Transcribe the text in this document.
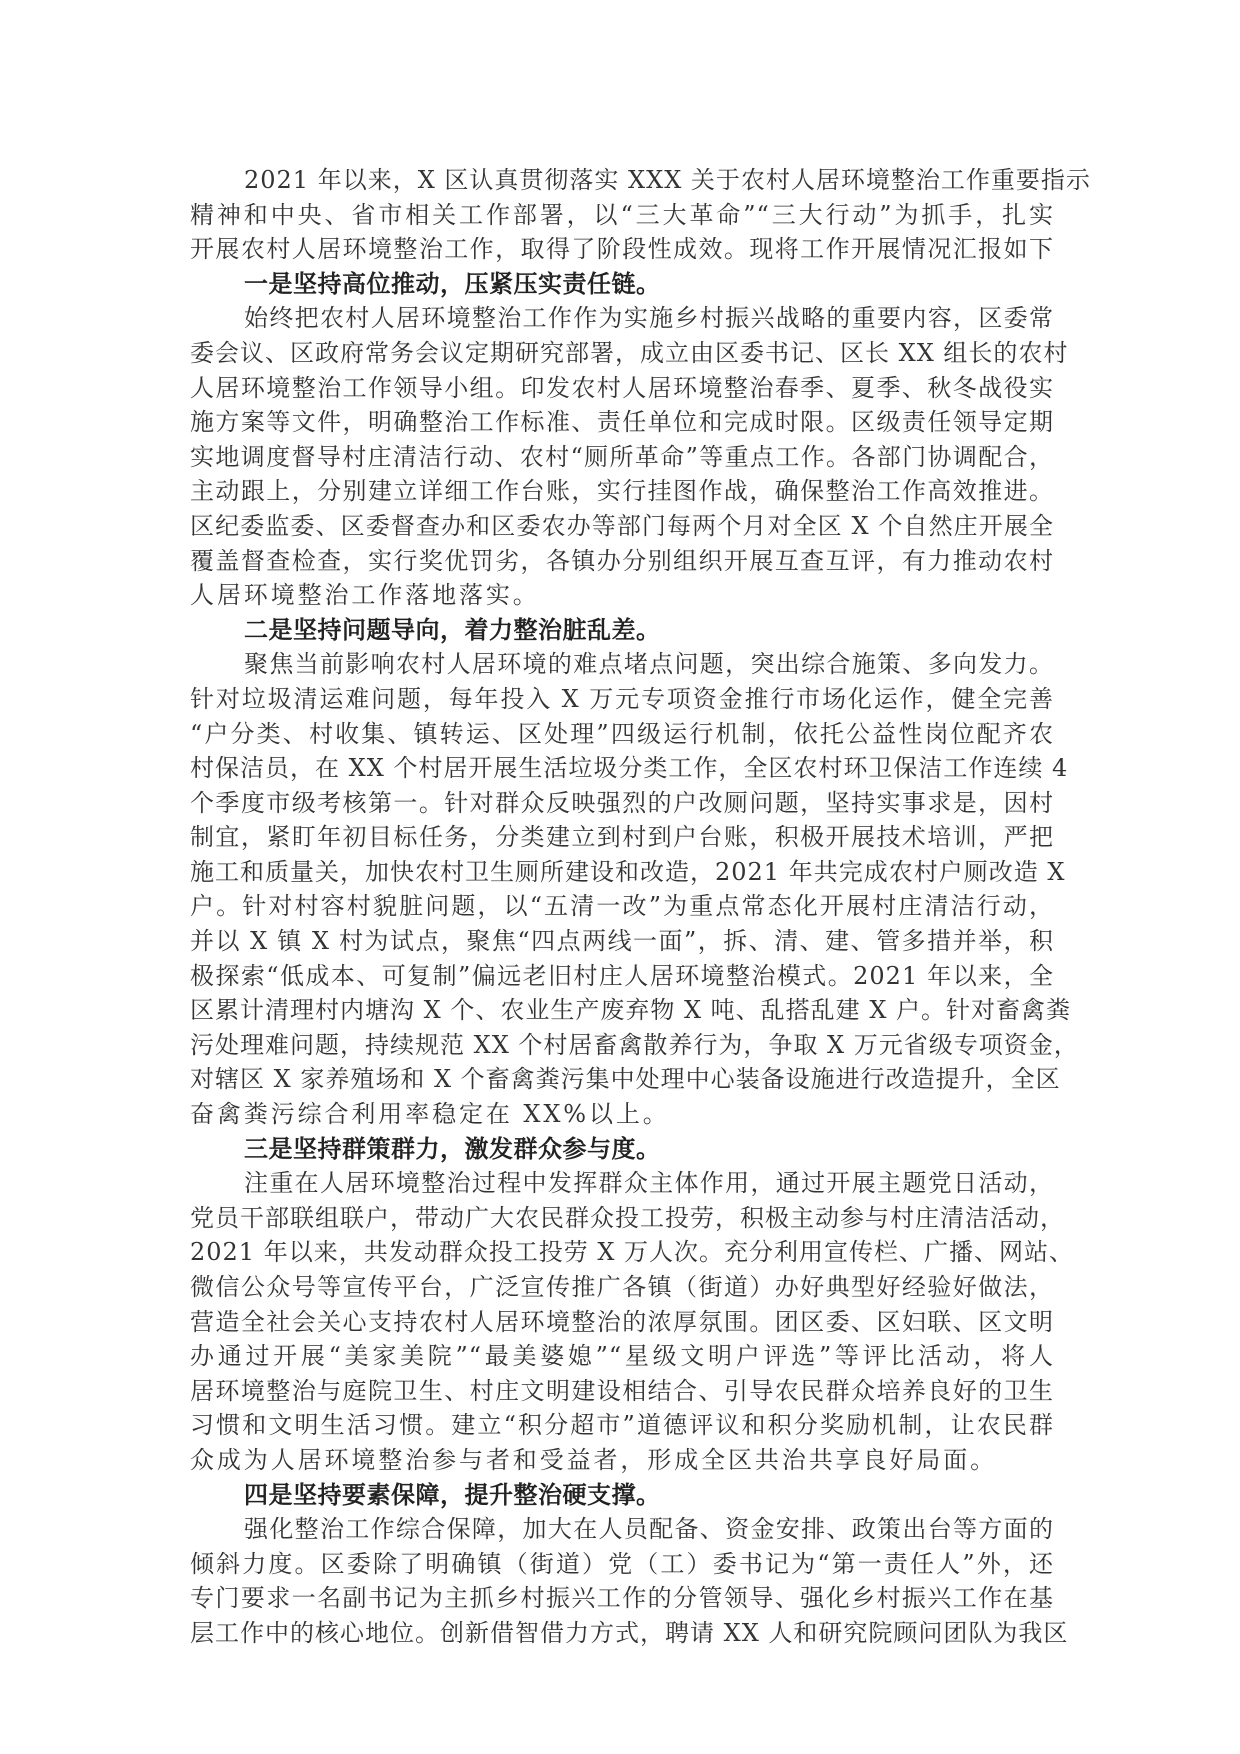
2021 年以来，X 区认真贯彻落实 XXX 关于农村人居环境整治工作重要指示
精神和中央、省市相关工作部署，以“三大革命”“三大行动”为抓手，扎实
开展农村人居环境整治工作，取得了阶段性成效。现将工作开展情况汇报如下
一是坚持高位推动，压紧压实责任链。
始终把农村人居环境整治工作作为实施乡村振兴战略的重要内容，区委常
委会议、区政府常务会议定期研究部署，成立由区委书记、区长 XX 组长的农村
人居环境整治工作领导小组。印发农村人居环境整治春季、夏季、秋冬战役实
施方案等文件，明确整治工作标准、责任单位和完成时限。区级责任领导定期
实地调度督导村庄清洁行动、农村“厕所革命”等重点工作。各部门协调配合，
主动跟上，分别建立详细工作台账，实行挂图作战，确保整治工作高效推进。
区纪委监委、区委督查办和区委农办等部门每两个月对全区 X 个自然庄开展全
覆盖督查检查，实行奖优罚劣，各镇办分别组织开展互查互评，有力推动农村
人居环境整治工作落地落实。
二是坚持问题导向，着力整治脏乱差。
聚焦当前影响农村人居环境的难点堵点问题，突出综合施策、多向发力。
针对垃圾清运难问题，每年投入 X 万元专项资金推行市场化运作，健全完善
“户分类、村收集、镇转运、区处理”四级运行机制，依托公益性岗位配齐农
村保洁员，在 XX 个村居开展生活垃圾分类工作，全区农村环卫保洁工作连续 4
个季度市级考核第一。针对群众反映强烈的户改厕问题，坚持实事求是，因村
制宜，紧盯年初目标任务，分类建立到村到户台账，积极开展技术培训，严把
施工和质量关，加快农村卫生厕所建设和改造，2021 年共完成农村户厕改造 X
户。针对村容村貌脏问题，以“五清一改”为重点常态化开展村庄清洁行动，
并以 X 镇 X 村为试点，聚焦“四点两线一面”，拆、清、建、管多措并举，积
极探索“低成本、可复制”偏远老旧村庄人居环境整治模式。2021 年以来，全
区累计清理村内塘沟 X 个、农业生产废弃物 X 吨、乱搭乱建 X 户。针对畜禽粪
污处理难问题，持续规范 XX 个村居畜禽散养行为，争取 X 万元省级专项资金，
对辖区 X 家养殖场和 X 个畜禽粪污集中处理中心装备设施进行改造提升，全区
奋禽粪污综合利用率稳定在 XX%以上。
三是坚持群策群力，激发群众参与度。
注重在人居环境整治过程中发挥群众主体作用，通过开展主题党日活动，
党员干部联组联户，带动广大农民群众投工投劳，积极主动参与村庄清洁活动，
2021 年以来，共发动群众投工投劳 X 万人次。充分利用宣传栏、广播、网站、
微信公众号等宣传平台，广泛宣传推广各镇（街道）办好典型好经验好做法，
营造全社会关心支持农村人居环境整治的浓厚氛围。团区委、区妇联、区文明
办通过开展“美家美院”“最美婆媳”“星级文明户评选”等评比活动，将人
居环境整治与庭院卫生、村庄文明建设相结合、引导农民群众培养良好的卫生
习惯和文明生活习惯。建立“积分超市”道德评议和积分奖励机制，让农民群
众成为人居环境整治参与者和受益者，形成全区共治共享良好局面。
四是坚持要素保障，提升整治硬支撑。
强化整治工作综合保障，加大在人员配备、资金安排、政策出台等方面的
倾斜力度。区委除了明确镇（街道）党（工）委书记为“第一责任人”外，还
专门要求一名副书记为主抓乡村振兴工作的分管领导、强化乡村振兴工作在基
层工作中的核心地位。创新借智借力方式，聘请 XX 人和研究院顾问团队为我区
